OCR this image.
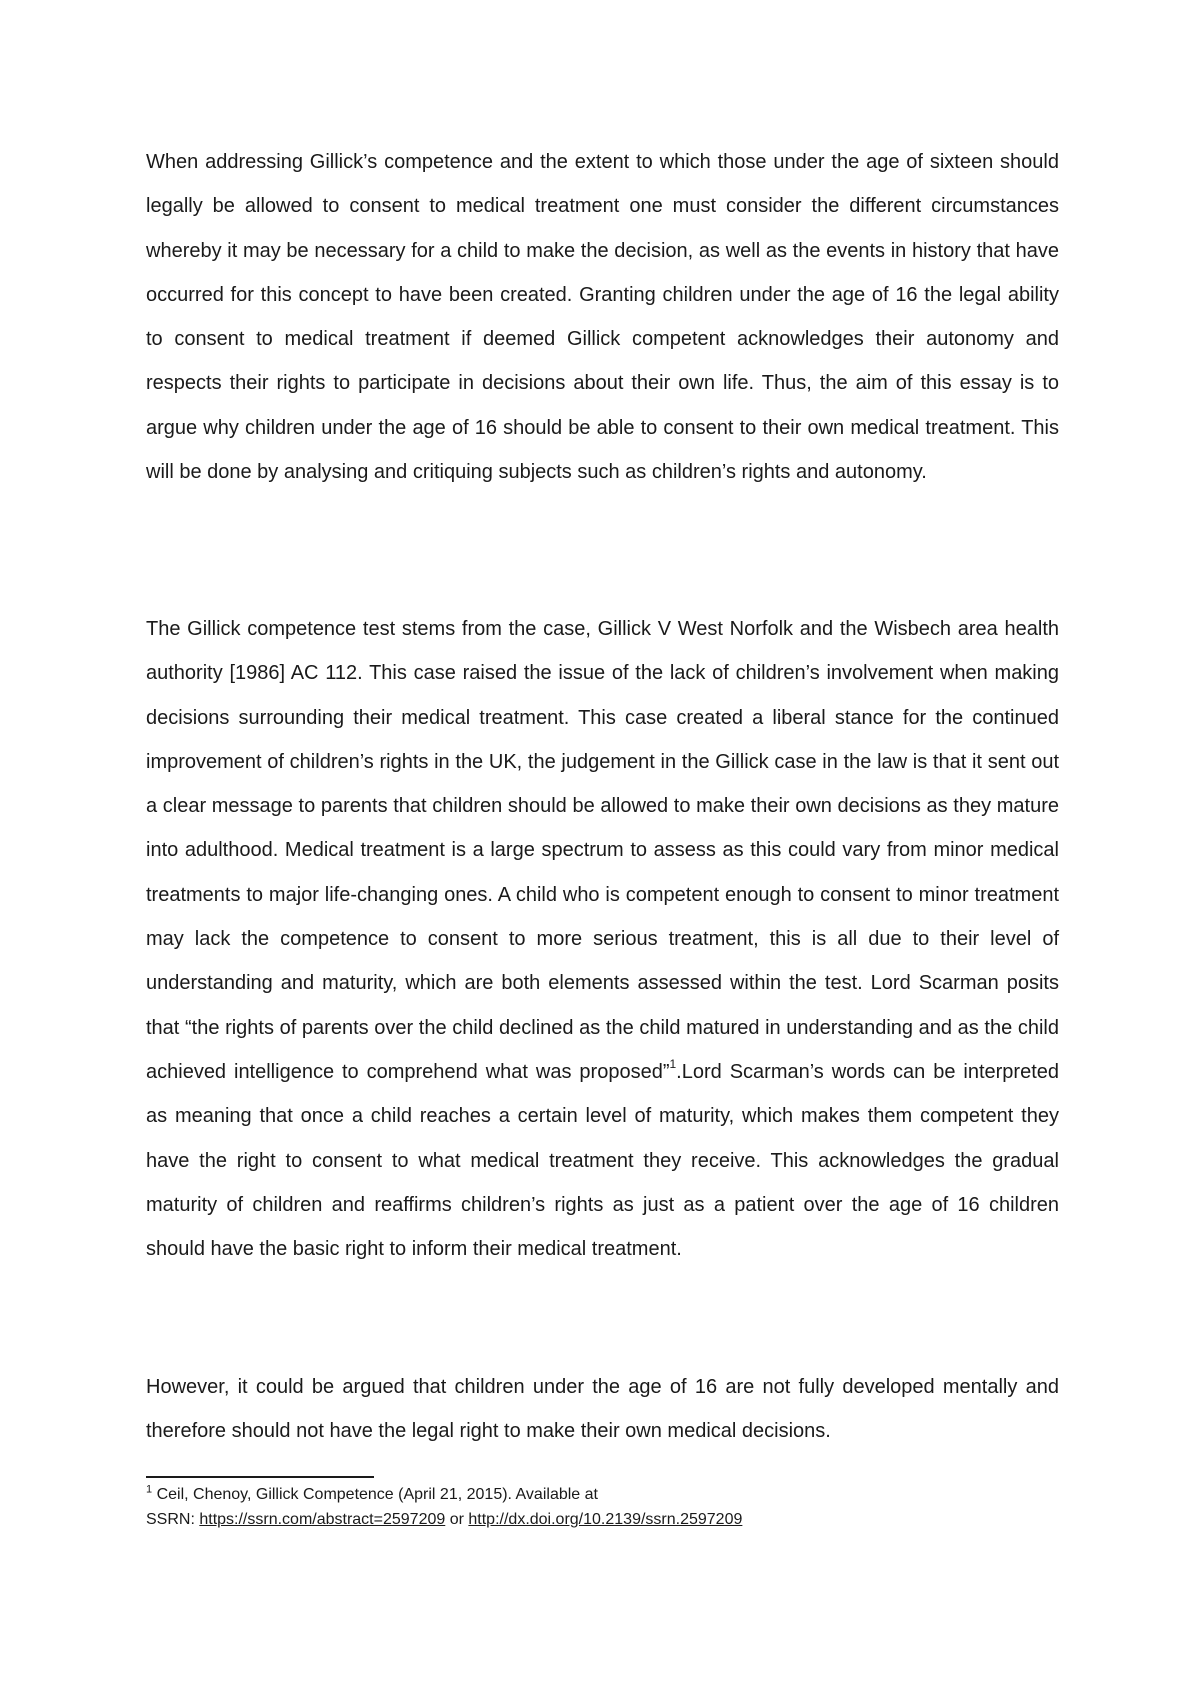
When addressing Gillick’s competence and the extent to which those under the age of sixteen should legally be allowed to consent to medical treatment one must consider the different circumstances whereby it may be necessary for a child to make the decision, as well as the events in history that have occurred for this concept to have been created. Granting children under the age of 16 the legal ability to consent to medical treatment if deemed Gillick competent acknowledges their autonomy and respects their rights to participate in decisions about their own life. Thus, the aim of this essay is to argue why children under the age of 16 should be able to consent to their own medical treatment. This will be done by analysing and critiquing subjects such as children’s rights and autonomy.

The Gillick competence test stems from the case, Gillick V West Norfolk and the Wisbech area health authority [1986] AC 112. This case raised the issue of the lack of children’s involvement when making decisions surrounding their medical treatment. This case created a liberal stance for the continued improvement of children’s rights in the UK, the judgement in the Gillick case in the law is that it sent out a clear message to parents that children should be allowed to make their own decisions as they mature into adulthood. Medical treatment is a large spectrum to assess as this could vary from minor medical treatments to major life-changing ones. A child who is competent enough to consent to minor treatment may lack the competence to consent to more serious treatment, this is all due to their level of understanding and maturity, which are both elements assessed within the test. Lord Scarman posits that “the rights of parents over the child declined as the child matured in understanding and as the child achieved intelligence to comprehend what was proposed”$^1$.Lord Scarman’s words can be interpreted as meaning that once a child reaches a certain level of maturity, which makes them competent they have the right to consent to what medical treatment they receive. This acknowledges the gradual maturity of children and reaffirms children’s rights as just as a patient over the age of 16 children should have the basic right to inform their medical treatment.

However, it could be argued that children under the age of 16 are not fully developed mentally and therefore should not have the legal right to make their own medical decisions.

$^1$ Ceil, Chenoy, Gillick Competence (April 21, 2015). Available at
SSRN: https://ssrn.com/abstract=2597209 or http://dx.doi.org/10.2139/ssrn.2597209
